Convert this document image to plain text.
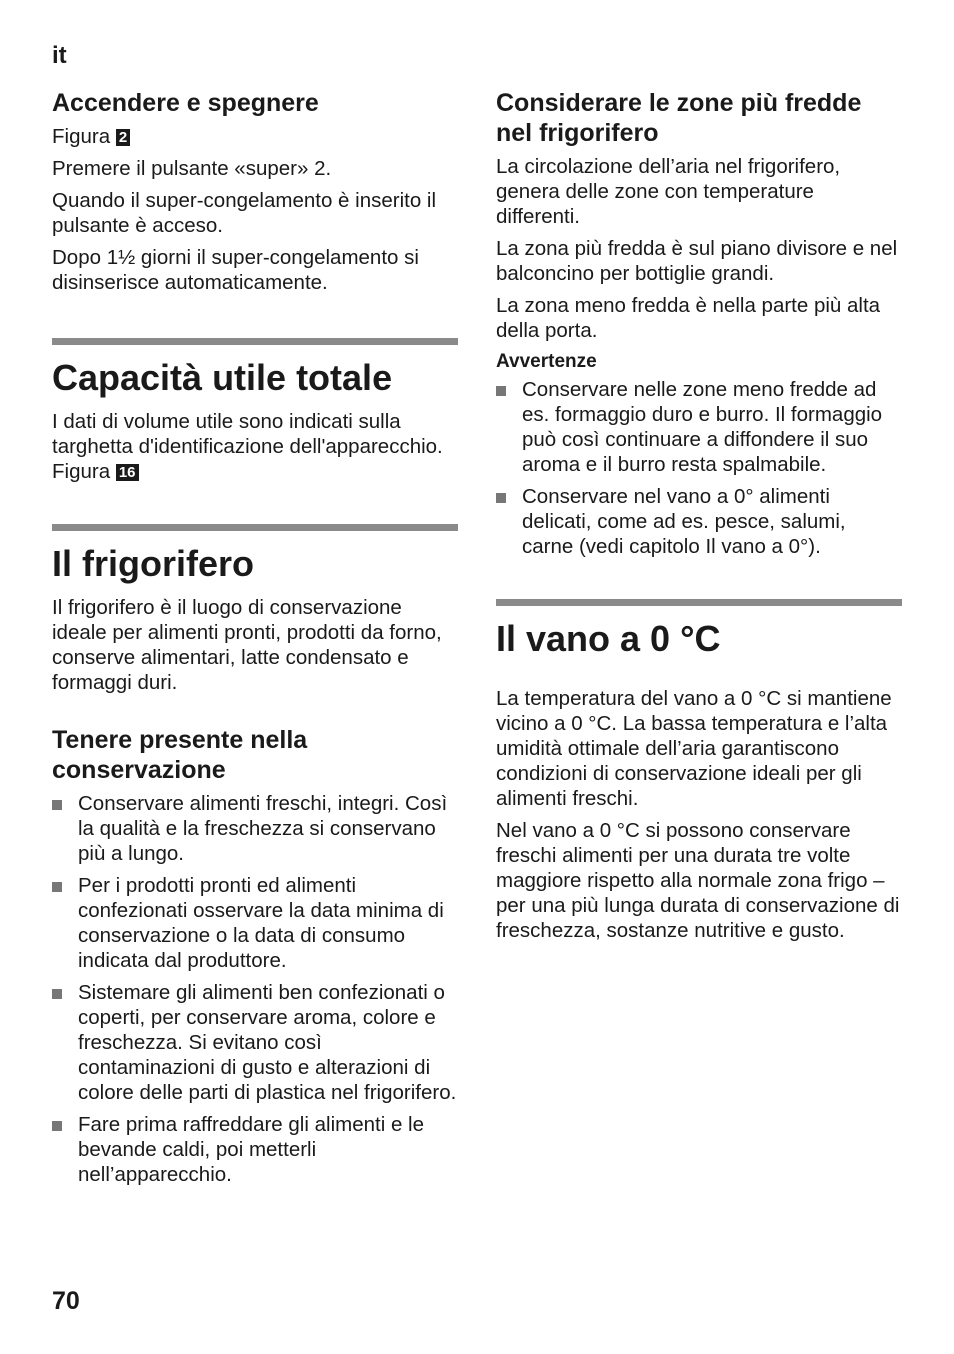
it
Accendere e spegnere

Figura 2

Premere il pulsante «super» 2.

Quando il super-congelamento è inserito il pulsante è acceso.

Dopo 1½ giorni il super-congelamento si disinserisce automaticamente.

Capacità utile totale

I dati di volume utile sono indicati sulla targhetta d'identificazione dell'apparecchio. Figura 16

Il frigorifero

Il frigorifero è il luogo di conservazione ideale per alimenti pronti, prodotti da forno, conserve alimentari, latte condensato e formaggi duri.

Tenere presente nella conservazione
Conservare alimenti freschi, integri. Così la qualità e la freschezza si conservano più a lungo.
Per i prodotti pronti ed alimenti confezionati osservare la data minima di conservazione o la data di consumo indicata dal produttore.
Sistemare gli alimenti ben confezionati o coperti, per conservare aroma, colore e freschezza. Si evitano così contaminazioni di gusto e alterazioni di colore delle parti di plastica nel frigorifero.
Fare prima raffreddare gli alimenti e le bevande caldi, poi metterli nell’apparecchio.
Considerare le zone più fredde nel frigorifero

La circolazione dell’aria nel frigorifero, genera delle zone con temperature differenti.

La zona più fredda è sul piano divisore e nel balconcino per bottiglie grandi.

La zona meno fredda è nella parte più alta della porta.

Avvertenze
Conservare nelle zone meno fredde ad es. formaggio duro e burro. Il formaggio può così continuare a diffondere il suo aroma e il burro resta spalmabile.
Conservare nel vano a 0° alimenti delicati, come ad es. pesce, salumi, carne (vedi capitolo Il vano a 0°).
Il vano a 0 °C

La temperatura del vano a 0 °C si mantiene vicino a 0 °C. La bassa temperatura e l’alta umidità ottimale dell’aria garantiscono condizioni di conservazione ideali per gli alimenti freschi.

Nel vano a 0 °C si possono conservare freschi alimenti per una durata tre volte maggiore rispetto alla normale zona frigo – per una più lunga durata di conservazione di freschezza, sostanze nutritive e gusto.

70
